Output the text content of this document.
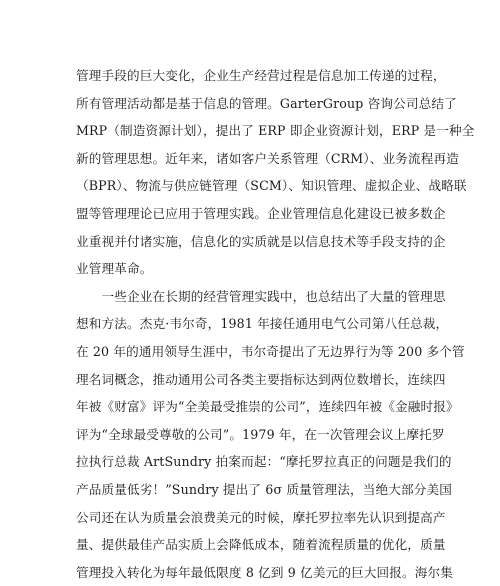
管理手段的巨大变化，企业生产经营过程是信息加工传递的过程，
所有管理活动都是基于信息的管理。GarterGroup 咨询公司总结了
MRP（制造资源计划），提出了 ERP 即企业资源计划，ERP 是一种全
新的管理思想。近年来，诸如客户关系管理（CRM）、业务流程再造
（BPR）、物流与供应链管理（SCM）、知识管理、虚拟企业、战略联
盟等管理理论已应用于管理实践。企业管理信息化建设已被多数企
业重视并付诸实施，信息化的实质就是以信息技术等手段支持的企
业管理革命。
　　一些企业在长期的经营管理实践中，也总结出了大量的管理思
想和方法。杰克·韦尔奇，1981 年接任通用电气公司第八任总裁，
在 20 年的通用领导生涯中，韦尔奇提出了无边界行为等 200 多个管
理名词概念，推动通用公司各类主要指标达到两位数增长，连续四
年被《财富》评为“全美最受推崇的公司”，连续四年被《金融时报》
评为“全球最受尊敬的公司”。1979 年，在一次管理会议上摩托罗
拉执行总裁 ArtSundry 拍案而起：“摩托罗拉真正的问题是我们的
产品质量低劣！”Sundry 提出了 6σ 质量管理法，当绝大部分美国
公司还在认为质量会浪费美元的时候，摩托罗拉率先认识到提高产
量、提供最佳产品实质上会降低成本，随着流程质量的优化，质量
管理投入转化为每年最低限度 8 亿到 9 亿美元的巨大回报。海尔集
